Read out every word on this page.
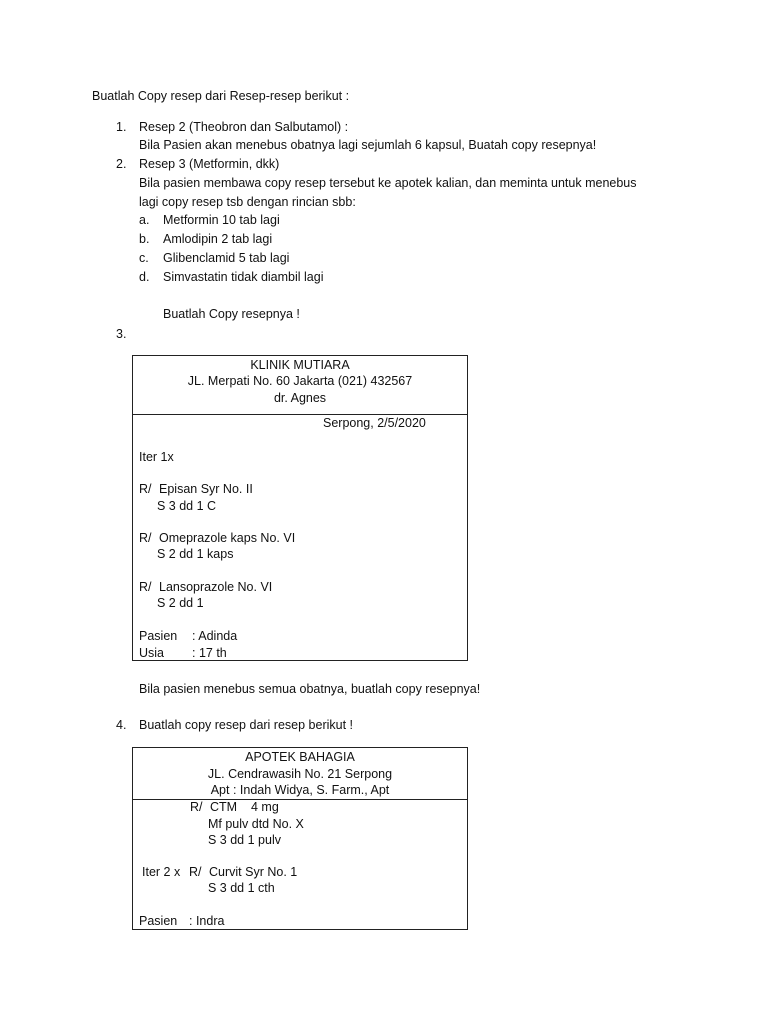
Buatlah Copy resep dari Resep-resep berikut :
1. Resep 2 (Theobron dan Salbutamol) :
Bila Pasien akan menebus obatnya lagi sejumlah 6 kapsul, Buatah copy resepnya!
2. Resep 3 (Metformin, dkk)
Bila pasien membawa copy resep tersebut ke apotek kalian, dan meminta untuk menebus
lagi copy resep tsb dengan rincian sbb:
a. Metformin 10 tab lagi
b. Amlodipin 2 tab lagi
c. Glibenclamid 5 tab lagi
d. Simvastatin tidak diambil lagi
Buatlah Copy resepnya !
3.
KLINIK MUTIARA
JL. Merpati No. 60 Jakarta (021) 432567
dr. Agnes
Serpong, 2/5/2020
Iter 1x
R/ Episan Syr No. II
S 3 dd 1 C
R/ Omeprazole kaps No. VI
S 2 dd 1 kaps
R/ Lansoprazole No. VI
S 2 dd 1
Pasien : Adinda
Usia : 17 th
Bila pasien menebus semua obatnya, buatlah copy resepnya!
4. Buatlah copy resep dari resep berikut !
APOTEK BAHAGIA
JL. Cendrawasih No. 21 Serpong
Apt : Indah Widya, S. Farm., Apt
R/ CTM 4 mg
Mf pulv dtd No. X
S 3 dd 1 pulv
Iter 2 x R/ Curvit Syr No. 1
S 3 dd 1 cth
Pasien : Indra
